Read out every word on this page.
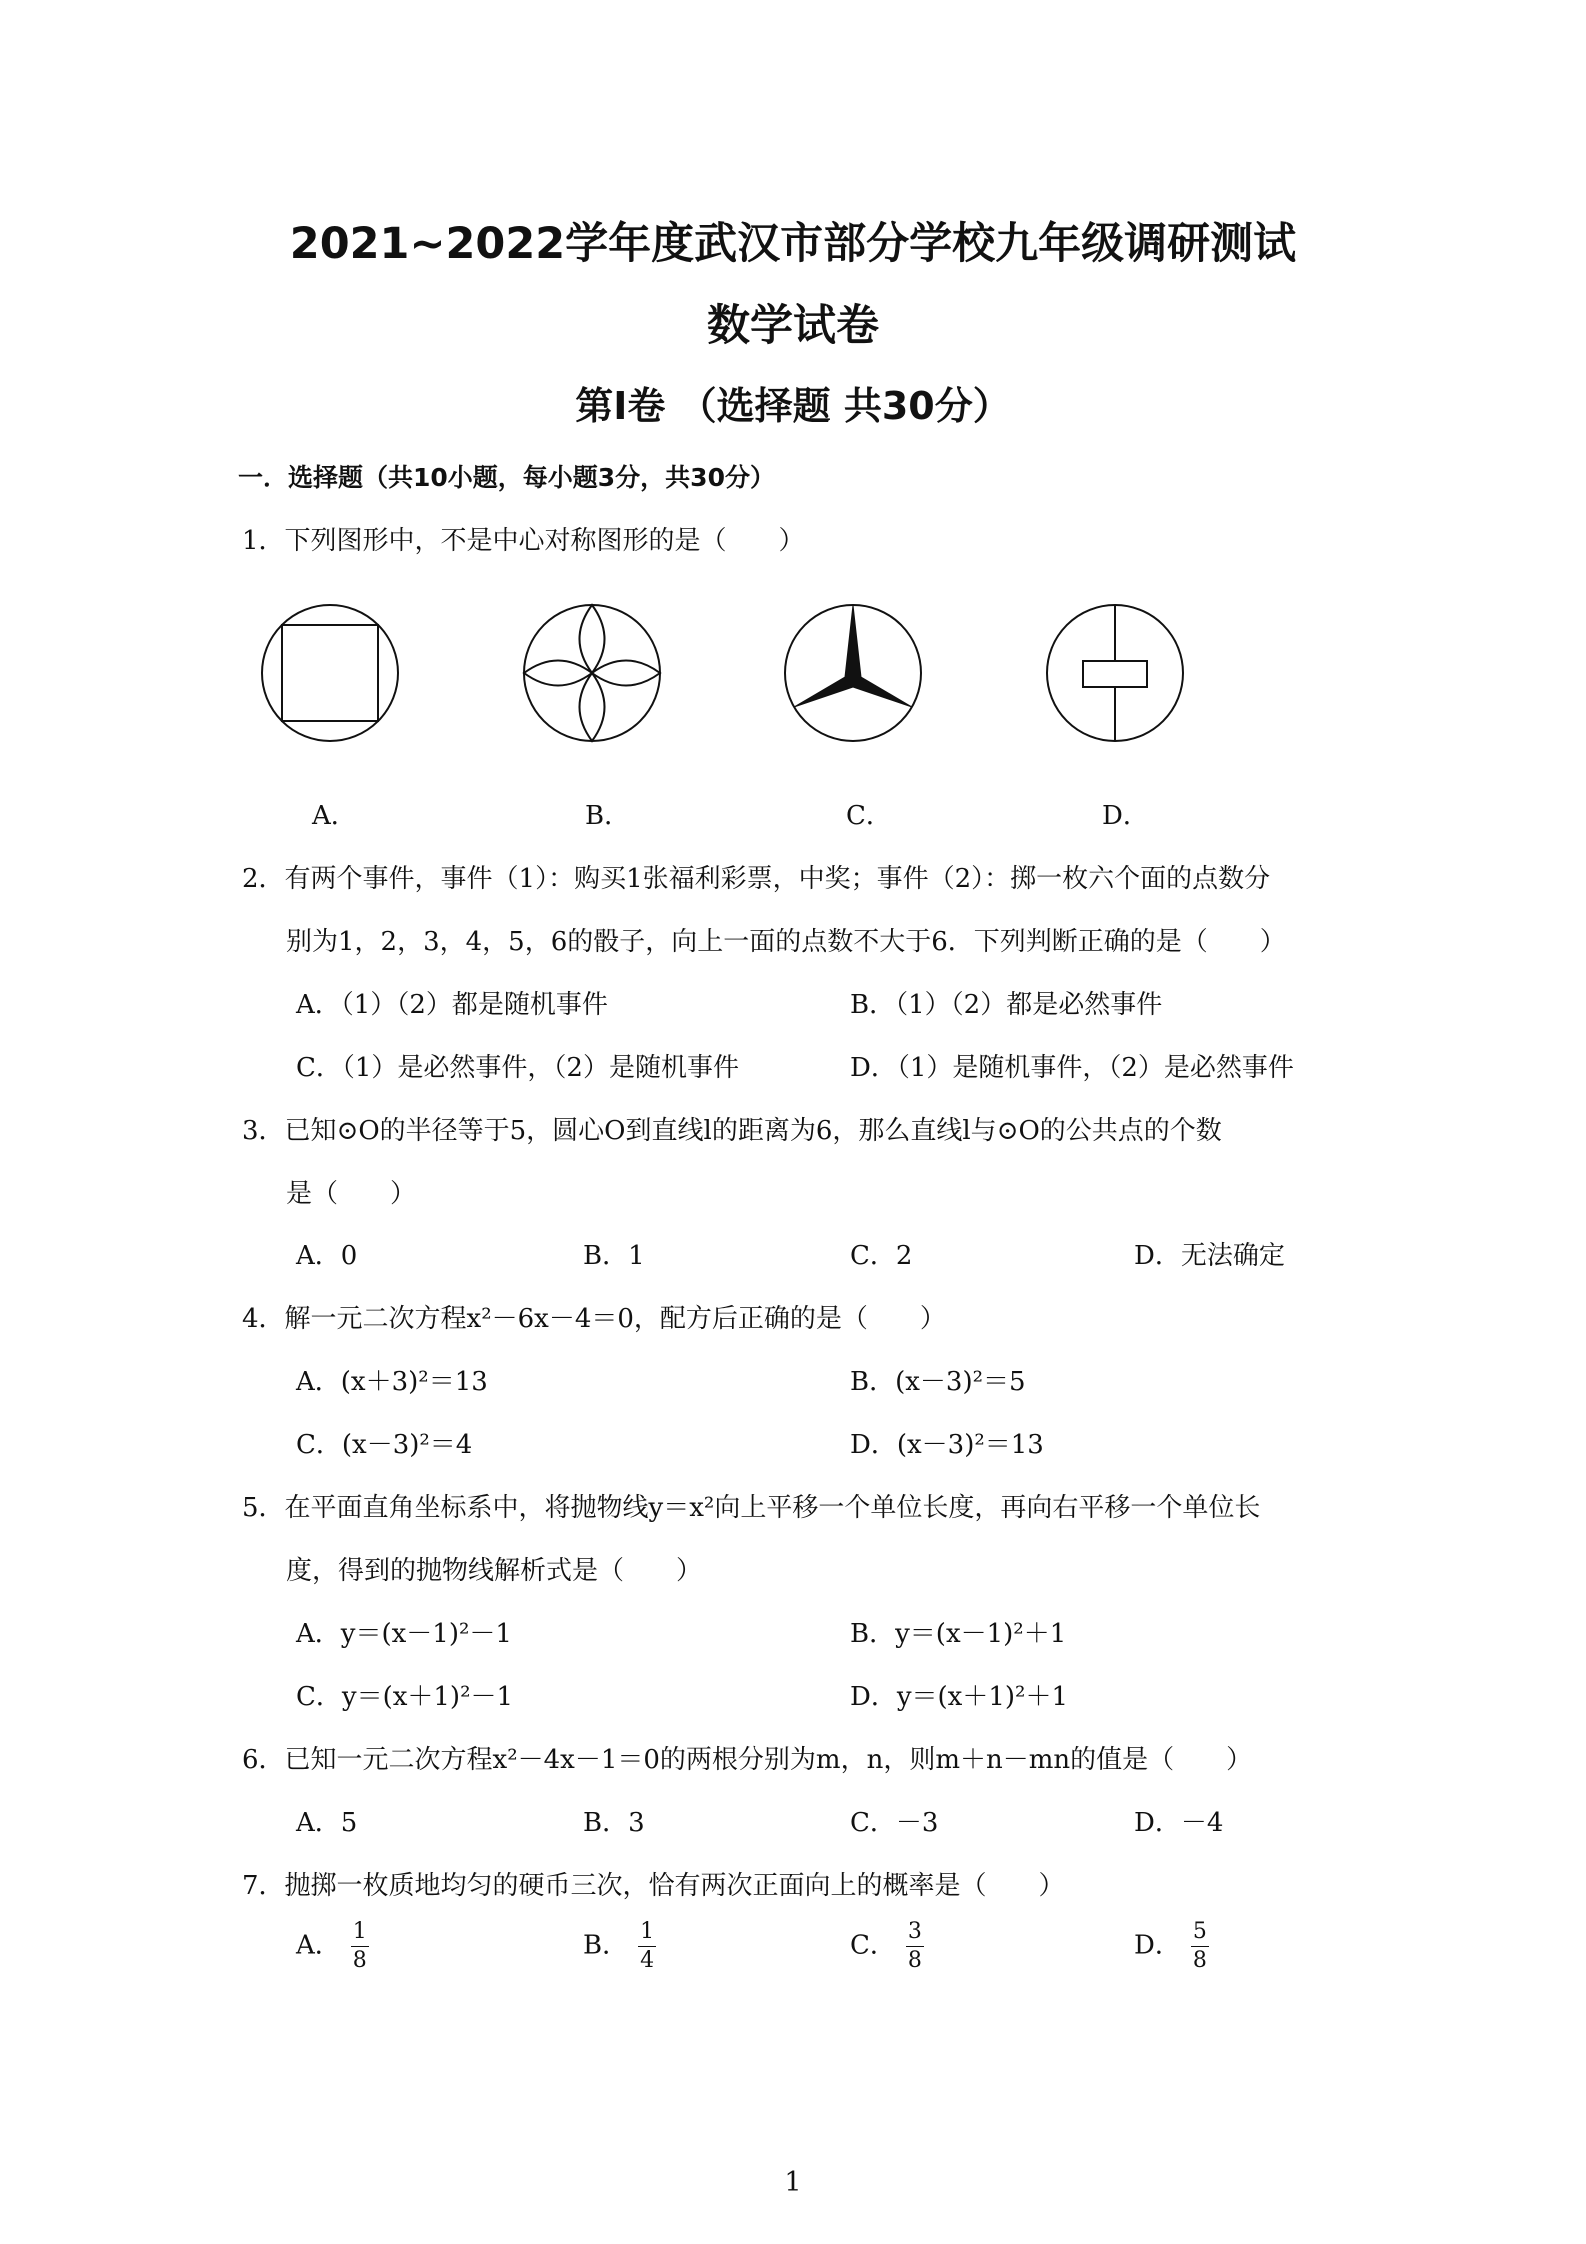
2021~2022学年度武汉市部分学校九年级调研测试
数学试卷
第Ⅰ卷 （选择题 共30分）
一．选择题（共10小题，每小题3分，共30分）
1．下列图形中，不是中心对称图形的是（　　）
A．	B．	C．	D．
2．有两个事件，事件（1）：购买1张福利彩票，中奖；事件（2）：掷一枚六个面的点数分
别为1，2，3，4，5，6的骰子，向上一面的点数不大于6．下列判断正确的是（　　）
A．（1）（2）都是随机事件	B．（1）（2）都是必然事件
C．（1）是必然事件，（2）是随机事件	D．（1）是随机事件，（2）是必然事件
3．已知⊙O的半径等于5，圆心O到直线l的距离为6，那么直线l与⊙O的公共点的个数
是（　　）
A．0	B．1	C．2	D．无法确定
4．解一元二次方程x²－6x－4＝0，配方后正确的是（　　）
A．(x＋3)²＝13	B．(x－3)²＝5
C．(x－3)²＝4	D．(x－3)²＝13
5．在平面直角坐标系中，将抛物线y＝x²向上平移一个单位长度，再向右平移一个单位长
度，得到的抛物线解析式是（　　）
A．y＝(x－1)²－1	B．y＝(x－1)²＋1
C．y＝(x＋1)²－1	D．y＝(x＋1)²＋1
6．已知一元二次方程x²－4x－1＝0的两根分别为m，n，则m＋n－mn的值是（　　）
A．5	B．3	C．－3	D．－4
7．抛掷一枚质地均匀的硬币三次，恰有两次正面向上的概率是（　　）
A． $\frac{1}{8}$	B． $\frac{1}{4}$	C． $\frac{3}{8}$	D． $\frac{5}{8}$
1
